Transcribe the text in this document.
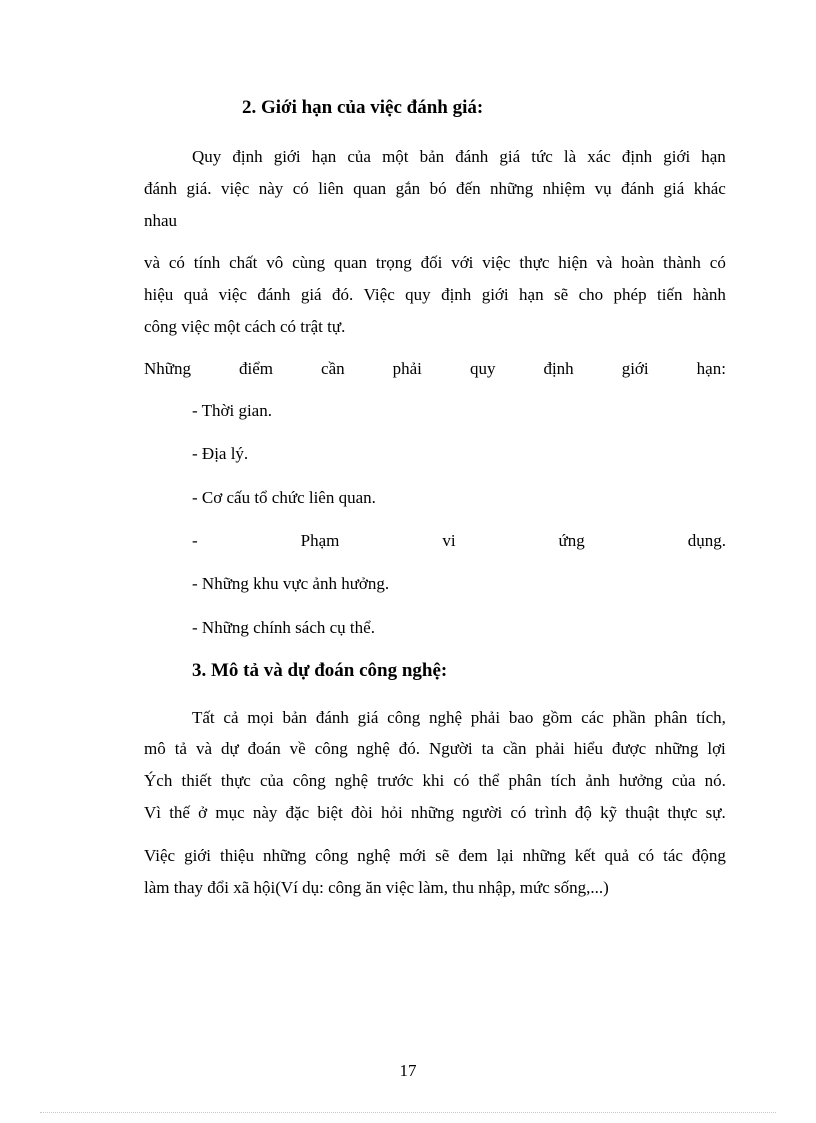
2. Giới hạn của việc đánh giá:
Quy định giới hạn của một bản đánh giá tức là xác định giới hạn
đánh giá. việc này có liên quan gắn bó đến những nhiệm vụ đánh giá khác
nhau
và có tính chất vô cùng quan trọng đối với việc thực hiện và hoàn thành có
hiệu quả việc đánh giá đó. Việc quy định giới hạn sẽ cho phép tiến hành
công việc một cách có trật tự.
Những	điểm	cần	phải	quy	định	giới	hạn:
- Thời gian.
- Địa lý.
- Cơ cấu tổ chức liên quan.
-	Phạm	vi	ứng	dụng.
- Những khu vực ảnh hưởng.
- Những chính sách cụ thể.
3. Mô tả và dự đoán công nghệ:
Tất cả mọi bản đánh giá công nghệ phải bao gồm các phần phân tích,
mô tả và dự đoán về công nghệ đó. Người ta cần phải hiểu được những lợi
Ých thiết thực của công nghệ trước khi có thể phân tích ảnh hưởng của nó.
Vì thế ở mục này đặc biệt đòi hỏi những người có trình độ kỹ thuật thực sự.
Việc giới thiệu những công nghệ mới sẽ đem lại những kết quả có tác động
làm thay đổi xã hội(Ví dụ: công ăn việc làm, thu nhập, mức sống,...)
17
